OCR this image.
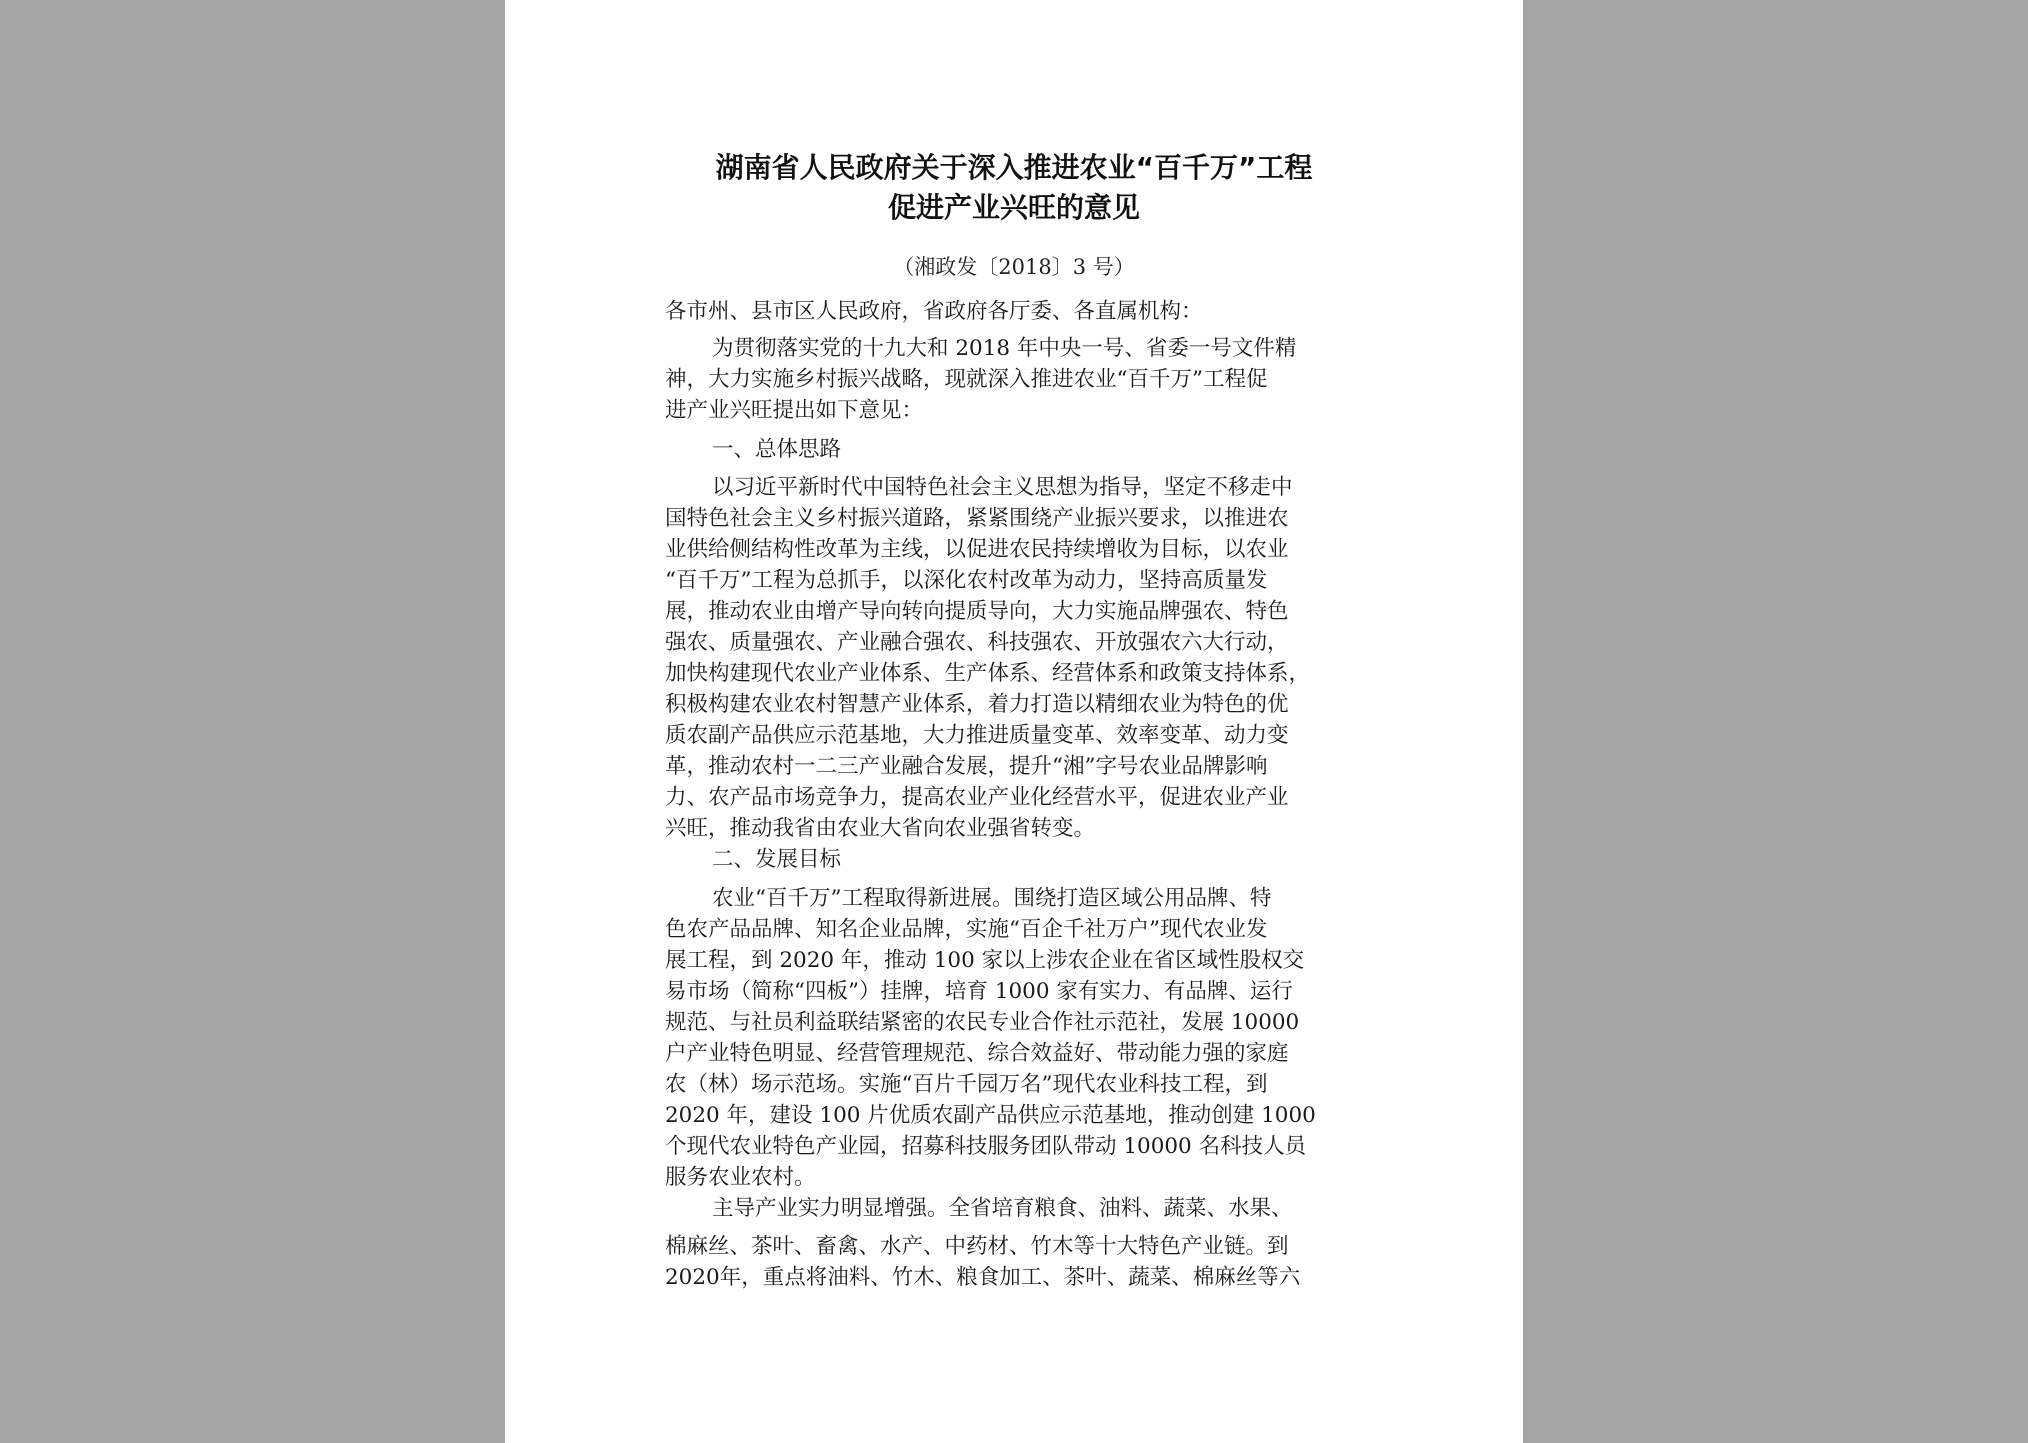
湖南省人民政府关于深入推进农业“百千万”工程
促进产业兴旺的意见
（湘政发〔2018〕3 号）
各市州、县市区人民政府，省政府各厅委、各直属机构：
为贯彻落实党的十九大和 2018 年中央一号、省委一号文件精
神，大力实施乡村振兴战略，现就深入推进农业“百千万”工程促
进产业兴旺提出如下意见：
一、总体思路
以习近平新时代中国特色社会主义思想为指导，坚定不移走中
国特色社会主义乡村振兴道路，紧紧围绕产业振兴要求，以推进农
业供给侧结构性改革为主线，以促进农民持续增收为目标，以农业
“百千万”工程为总抓手，以深化农村改革为动力，坚持高质量发
展，推动农业由增产导向转向提质导向，大力实施品牌强农、特色
强农、质量强农、产业融合强农、科技强农、开放强农六大行动，
加快构建现代农业产业体系、生产体系、经营体系和政策支持体系，
积极构建农业农村智慧产业体系，着力打造以精细农业为特色的优
质农副产品供应示范基地，大力推进质量变革、效率变革、动力变
革，推动农村一二三产业融合发展，提升“湘”字号农业品牌影响
力、农产品市场竞争力，提高农业产业化经营水平，促进农业产业
兴旺，推动我省由农业大省向农业强省转变。
二、发展目标
农业“百千万”工程取得新进展。围绕打造区域公用品牌、特
色农产品品牌、知名企业品牌，实施“百企千社万户”现代农业发
展工程，到 2020 年，推动 100 家以上涉农企业在省区域性股权交
易市场（简称“四板”）挂牌，培育 1000 家有实力、有品牌、运行
规范、与社员利益联结紧密的农民专业合作社示范社，发展 10000
户产业特色明显、经营管理规范、综合效益好、带动能力强的家庭
农（林）场示范场。实施“百片千园万名”现代农业科技工程，到
2020 年，建设 100 片优质农副产品供应示范基地，推动创建 1000
个现代农业特色产业园，招募科技服务团队带动 10000 名科技人员
服务农业农村。
主导产业实力明显增强。全省培育粮食、油料、蔬菜、水果、
棉麻丝、茶叶、畜禽、水产、中药材、竹木等十大特色产业链。到
2020年，重点将油料、竹木、粮食加工、茶叶、蔬菜、棉麻丝等六
